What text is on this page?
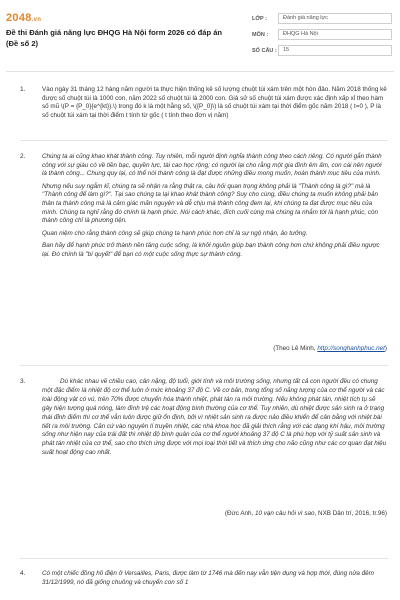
2048.vn
Đề thi Đánh giá năng lực ĐHQG Hà Nội form 2026 có đáp án (Đề số 2)
LỚP :	Đánh giá năng lực
MÔN :	ĐHQG Hà Nội
SỐ CÂU :	15
1.	Vào ngày 31 tháng 12 hàng năm người ta thực hiện thống kê số lượng chuột túi xám trên một hòn đảo. Năm 2018 thống kê được số chuột túi là 1000 con, năm 2022 số chuột túi là 2000 con. Giả sử số chuột túi xám được xác định xấp xỉ theo hàm số mũ \(P = {P_0}{e^{kt}}.\) trong đó k là một hằng số, \({P_0}\) là số chuột túi xám tại thời điểm gốc năm 2018 ( t=0 ), P là số chuột túi xám tại thời điểm t tính từ gốc ( t tính theo đơn vị năm)

2.	Chúng ta ai cũng khao khát thành công. Tuy nhiên, mỗi người định nghĩa thành công theo cách riêng. Có người gắn thành công với sự giàu có về tiền bạc, quyền lực, tài cao học rộng; có người lại cho rằng một gia đình êm ấm, con cái nên người là thành công... Chung quy lại, có thể nói thành công là đạt được những điều mong muốn, hoàn thành mục tiêu của mình.

Nhưng nếu suy ngẫm kĩ, chúng ta sẽ nhận ra rằng thật ra, câu hỏi quan trọng không phải là "Thành công là gì?" mà là "Thành công để làm gì?". Tại sao chúng ta lại khao khát thành công? Suy cho cùng, điều chúng ta muốn không phải bản thân ta thành công mà là cảm giác mãn nguyện và dễ chịu mà thành công đem lại, khi chúng ta đạt được mục tiêu của mình. Chúng ta nghĩ rằng đó chính là hạnh phúc. Nói cách khác, đích cuối cùng mà chúng ta nhắm tới là hạnh phúc, còn thành công chỉ là phương tiện.

Quan niệm cho rằng thành công sẽ giúp chúng ta hạnh phúc hơn chỉ là sự ngộ nhận, ảo tưởng.

Ban hãy để hạnh phúc trở thành nền tảng cuộc sống, là khởi nguồn giúp bạn thành công hơn chứ không phải điều ngược lại. Đó chính là "bí quyết" để bạn có một cuộc sống thực sự thành công.

(Theo Lê Minh, http://songhanhphuc.net)
3.	Dù khác nhau về chiều cao, cân nặng, độ tuổi, giới tính và môi trường sống, nhưng tất cả con người đều có chung một đặc điểm là nhiệt độ cơ thể luôn ở mức khoảng 37 độ C. Về cơ bản, trong tổng số năng lượng của cơ thể người và các loài động vật có vú, trên 70% được chuyển hóa thành nhiệt, phát tán ra môi trường. Nếu không phát tán, nhiệt tích tụ sẽ gây hiện tượng quá nóng, làm đình trệ các hoạt động bình thường của cơ thể. Tuy nhiên, dù nhiệt được sản sinh ra ở trạng thái đỉnh điểm thì cơ thể vẫn luôn được giữ ổn định, bởi vì nhiệt sản sinh ra được nảo điều khiển để cân bằng với nhiệt bài tiết ra môi trường. Căn cứ vào nguyên lí truyền nhiệt, các nhà khoa học đã giải thích rằng với các dạng khí hậu, môi trường sống như hiện nay của trái đất thì nhiệt độ bình quân của cơ thể người khoảng 37 độ C là phù hợp với tỷ suất sản sinh và phát tán nhiệt của cơ thể, sao cho thích ứng được với mọi loại thời tiết và thích ứng cho não cũng như các cơ quan đạt hiệu suất hoạt động cao nhất.

(Đức Anh, 10 vạn câu hỏi vì sao, NXB Dân trí, 2016, tr.96)
4.	Có một chiếc đồng hồ điện ở Versailles, Paris, được làm từ 1746 mà đến nay vẫn tiện dụng và hợp thời, đúng nửa đêm 31/12/1999, nó đã giống chuông và chuyển con số 1
